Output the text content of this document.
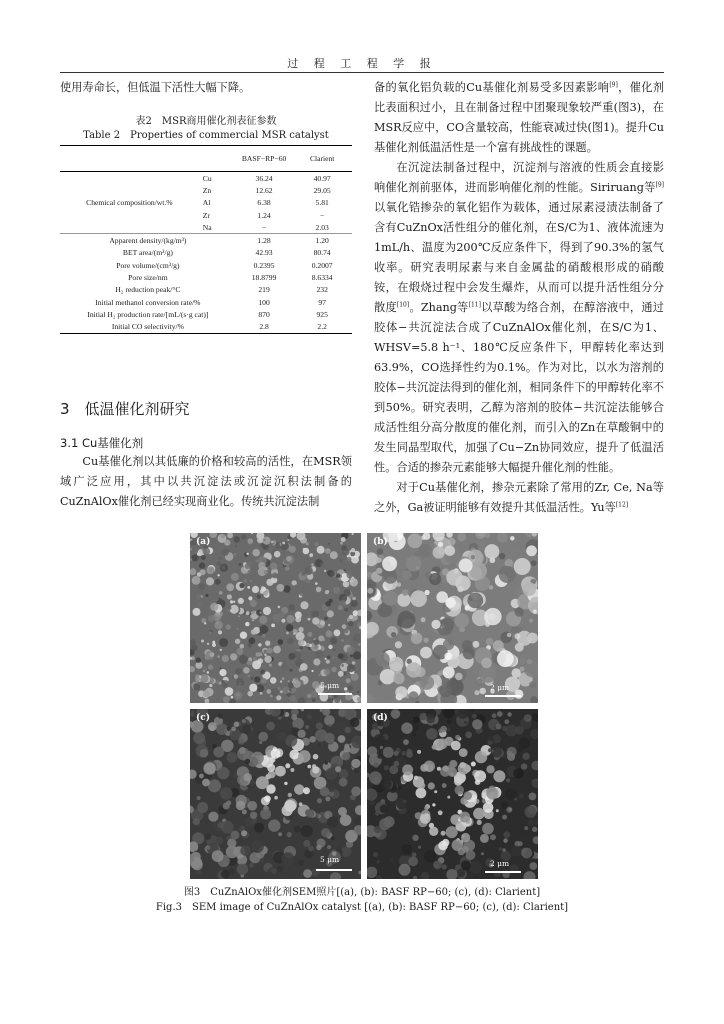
过 程 工 程 学 报

使用寿命长，但低温下活性大幅下降。

表2　MSR商用催化剂表征参数
Table 2　Properties of commercial MSR catalyst
		BASF−RP−60	Clarient
	Cu	36.24	40.97
	Zn	12.62	29.05
Chemical composition/wt.%	Al	6.38	5.81
	Zr	1.24	−
	Na	−	2.03
Apparent density/(kg/m³)		1.28	1.20
BET area/(m²/g)		42.93	80.74
Pore volume/(cm³/g)		0.2395	0.2007
Pore size/nm		18.8799	8.6334
H₂ reduction peak/°C		219	232
Initial methanol conversion rate/%		100	97
Initial H₂ production rate/[mL/(s·g cat)]		870	925
Initial CO selectivity/%		2.8	2.2
3　低温催化剂研究
3.1 Cu基催化剂

Cu基催化剂以其低廉的价格和较高的活性，在MSR领域广泛应用，其中以共沉淀法或沉淀沉积法制备的CuZnAlOx催化剂已经实现商业化。传统共沉淀法制

备的氧化铝负载的Cu基催化剂易受多因素影响[9]，催化剂比表面积过小，且在制备过程中团聚现象较严重(图3)，在MSR反应中，CO含量较高，性能衰减过快(图1)。提升Cu基催化剂低温活性是一个富有挑战性的课题。

在沉淀法制备过程中，沉淀剂与溶液的性质会直接影响催化剂前驱体，进而影响催化剂的性能。Siriruang等[9]以氧化锆掺杂的氧化铝作为载体，通过尿素浸渍法制备了含有CuZnOx活性组分的催化剂，在S/C为1、液体流速为1mL/h、温度为200℃反应条件下，得到了90.3%的氢气收率。研究表明尿素与来自金属盐的硝酸根形成的硝酸铵，在煅烧过程中会发生爆炸，从而可以提升活性组分分散度[10]。Zhang等[11]以草酸为络合剂，在醇溶液中，通过胶体−共沉淀法合成了CuZnAlOx催化剂，在S/C为1、WHSV=5.8 h⁻¹、180℃反应条件下，甲醇转化率达到63.9%，CO选择性约为0.1%。作为对比，以水为溶剂的胶体−共沉淀法得到的催化剂，相同条件下的甲醇转化率不到50%。研究表明，乙醇为溶剂的胶体−共沉淀法能够合成活性组分高分散度的催化剂，而引入的Zn在草酸铜中的发生同晶型取代，加强了Cu−Zn协同效应，提升了低温活性。合适的掺杂元素能够大幅提升催化剂的性能。

对于Cu基催化剂，掺杂元素除了常用的Zr, Ce, Na等之外，Ga被证明能够有效提升其低温活性。Yu等[12]

(a)
5 μm
(b)
2 μm
(c)
5 μm
(d)
2 μm
图3　CuZnAlOx催化剂SEM照片[(a), (b): BASF RP−60; (c), (d): Clarient]
Fig.3　SEM image of CuZnAlOx catalyst [(a), (b): BASF RP−60; (c), (d): Clarient]
